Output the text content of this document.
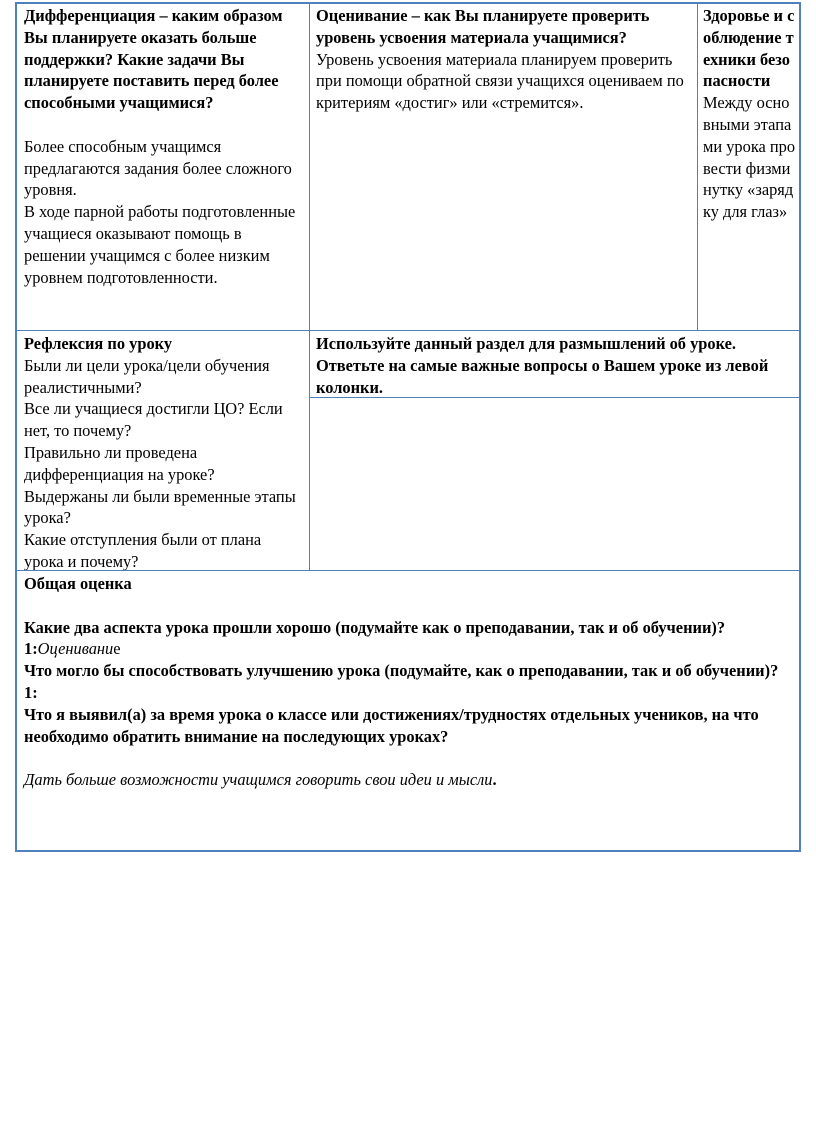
Дифференциация – каким образом Вы планируете оказать больше поддержки? Какие задачи Вы планируете поставить перед более способными учащимися?

Более способным учащимся предлагаются задания более сложного уровня.

В ходе парной работы подготовленные учащиеся оказывают помощь в решении учащимся с более низким уровнем подготовленности.

Оценивание – как Вы планируете проверить уровень усвоения материала учащимися?

Уровень усвоения материала планируем проверить при помощи обратной связи учащихся оцениваем по критериям «достиг» или «стремится».

Здоровье и соблюдение техники безопасности

Между основными этапами урока провести физминутку «зарядку для глаз»

Рефлексия по уроку

Были ли цели урока/цели обучения реалистичными?

Все ли учащиеся достигли ЦО? Если нет, то почему?

Правильно ли проведена дифференциация на уроке?

Выдержаны ли были временные этапы урока?

Какие отступления были от плана урока и почему?

Используйте данный раздел для размышлений об уроке. Ответьте на самые важные вопросы о Вашем уроке из левой колонки.
Общая оценка
Какие два аспекта урока прошли хорошо (подумайте как о преподавании, так и об обучении)?

1:Оценивание

Что могло бы способствовать улучшению урока (подумайте, как о преподавании, так и об обучении)?

1:

Что я выявил(а) за время урока о классе или достижениях/трудностях отдельных учеников, на что необходимо обратить внимание на последующих уроках?

Дать больше возможности учащимся говорить свои идеи и мысли.
